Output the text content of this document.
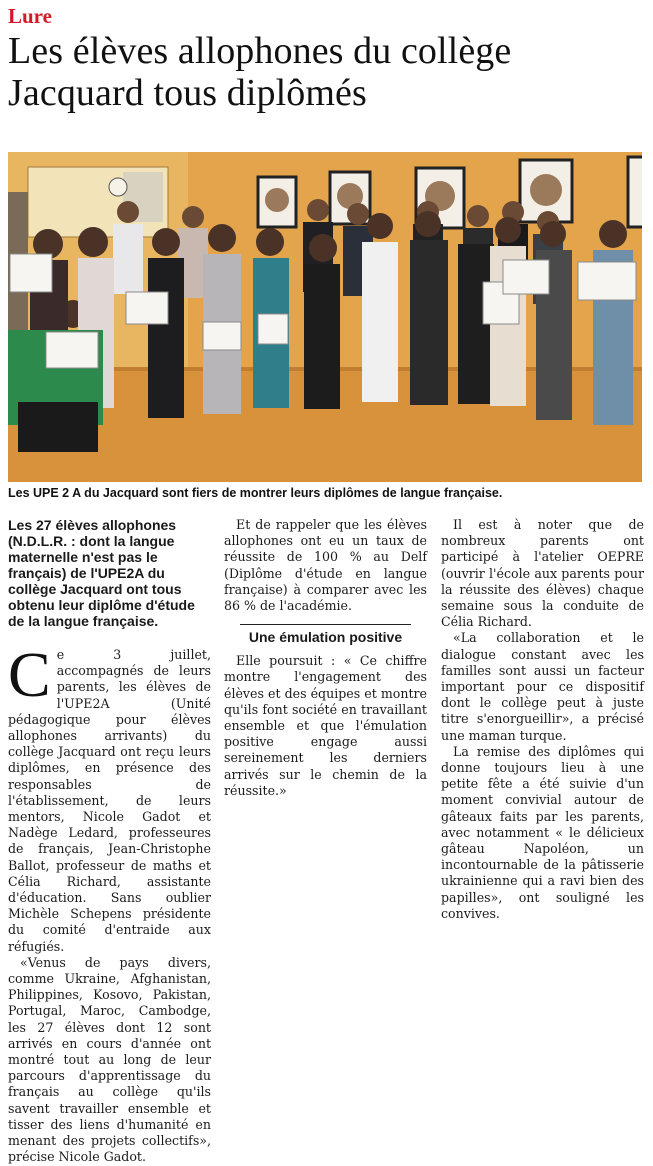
Lure
Les élèves allophones du collège Jacquard tous diplômés
Les UPE 2 A du Jacquard sont fiers de montrer leurs diplômes de langue française.

Les 27 élèves allophones (N.D.L.R. : dont la langue maternelle n'est pas le français) de l'UPE2A du collège Jacquard ont tous obtenu leur diplôme d'étude de la langue française.

Ce 3 juillet, accompagnés de leurs parents, les élèves de l'UPE2A (Unité pédagogique pour élèves allophones arrivants) du collège Jacquard ont reçu leurs diplômes, en présence des responsables de l'établissement, de leurs mentors, Nicole Gadot et Nadège Ledard, professeures de français, Jean-Christophe Ballot, professeur de maths et Célia Richard, assistante d'éducation. Sans oublier Michèle Schepens présidente du comité d'entraide aux réfugiés.

«Venus de pays divers, comme Ukraine, Afghanistan, Philippines, Kosovo, Pakistan, Portugal, Maroc, Cambodge, les 27 élèves dont 12 sont arrivés en cours d'année ont montré tout au long de leur parcours d'apprentissage du français au collège qu'ils savent travailler ensemble et tisser des liens d'humanité en menant des projets collectifs», précise Nicole Gadot.

Et de rappeler que les élèves allophones ont eu un taux de réussite de 100 % au Delf (Diplôme d'étude en langue française) à comparer avec les 86 % de l'académie.

Une émulation positive

Elle poursuit : « Ce chiffre montre l'engagement des élèves et des équipes et montre qu'ils font société en travaillant ensemble et que l'émulation positive engage aussi sereinement les derniers arrivés sur le chemin de la réussite.»

Il est à noter que de nombreux parents ont participé à l'atelier OEPRE (ouvrir l'école aux parents pour la réussite des élèves) chaque semaine sous la conduite de Célia Richard.

«La collaboration et le dialogue constant avec les familles sont aussi un facteur important pour ce dispositif dont le collège peut à juste titre s'enorgueillir», a précisé une maman turque.

La remise des diplômes qui donne toujours lieu à une petite fête a été suivie d'un moment convivial autour de gâteaux faits par les parents, avec notamment « le délicieux gâteau Napoléon, un incontournable de la pâtisserie ukrainienne qui a ravi bien des papilles», ont souligné les convives.
